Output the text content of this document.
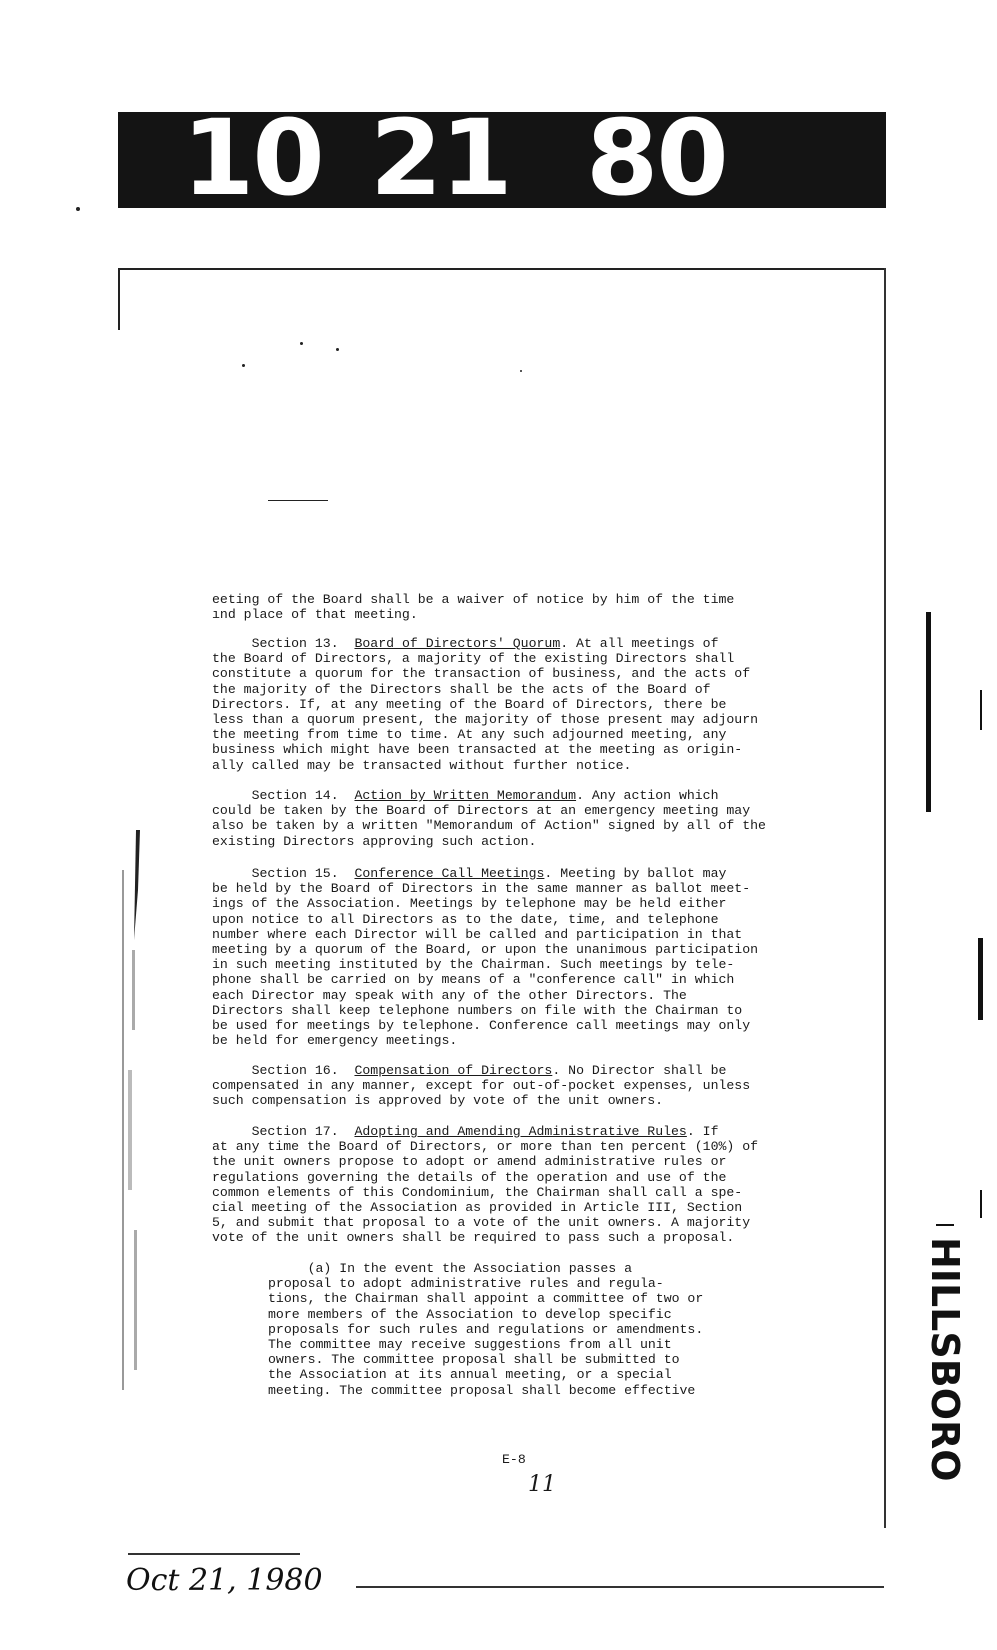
10 21 80

eeting of the Board shall be a waiver of notice by him of the time
ınd place of that meeting.

Section 13. Board of Directors' Quorum. At all meetings of
the Board of Directors, a majority of the existing Directors shall
constitute a quorum for the transaction of business, and the acts of
the majority of the Directors shall be the acts of the Board of
Directors. If, at any meeting of the Board of Directors, there be
less than a quorum present, the majority of those present may adjourn
the meeting from time to time. At any such adjourned meeting, any
business which might have been transacted at the meeting as origin-
ally called may be transacted without further notice.

Section 14. Action by Written Memorandum. Any action which
could be taken by the Board of Directors at an emergency meeting may
also be taken by a written "Memorandum of Action" signed by all of the
existing Directors approving such action.

Section 15. Conference Call Meetings. Meeting by ballot may
be held by the Board of Directors in the same manner as ballot meet-
ings of the Association. Meetings by telephone may be held either
upon notice to all Directors as to the date, time, and telephone
number where each Director will be called and participation in that
meeting by a quorum of the Board, or upon the unanimous participation
in such meeting instituted by the Chairman. Such meetings by tele-
phone shall be carried on by means of a "conference call" in which
each Director may speak with any of the other Directors. The
Directors shall keep telephone numbers on file with the Chairman to
be used for meetings by telephone. Conference call meetings may only
be held for emergency meetings.

Section 16. Compensation of Directors. No Director shall be
compensated in any manner, except for out-of-pocket expenses, unless
such compensation is approved by vote of the unit owners.

Section 17. Adopting and Amending Administrative Rules. If
at any time the Board of Directors, or more than ten percent (10%) of
the unit owners propose to adopt or amend administrative rules or
regulations governing the details of the operation and use of the
common elements of this Condominium, the Chairman shall call a spe-
cial meeting of the Association as provided in Article III, Section
5, and submit that proposal to a vote of the unit owners. A majority
vote of the unit owners shall be required to pass such a proposal.

(a) In the event the Association passes a
proposal to adopt administrative rules and regula-
tions, the Chairman shall appoint a committee of two or
more members of the Association to develop specific
proposals for such rules and regulations or amendments.
The committee may receive suggestions from all unit
owners. The committee proposal shall be submitted to
the Association at its annual meeting, or a special
meeting. The committee proposal shall become effective

E-8
11
HILLSBORO
Oct 21, 1980
